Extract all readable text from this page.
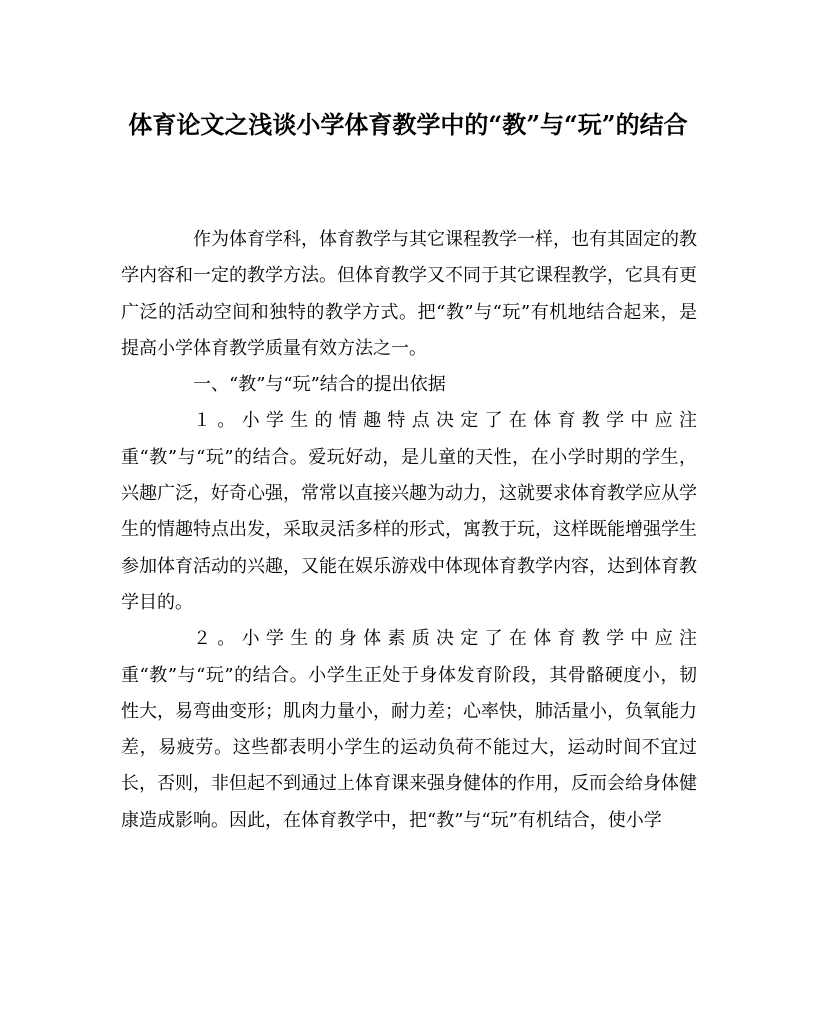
体育论文之浅谈小学体育教学中的“教”与“玩”的结合

作为体育学科，体育教学与其它课程教学一样，也有其固定的教学内容和一定的教学方法。但体育教学又不同于其它课程教学，它具有更广泛的活动空间和独特的教学方式。把“教”与“玩”有机地结合起来，是提高小学体育教学质量有效方法之一。

一、“教”与“玩”结合的提出依据

１。小学生的情趣特点决定了在体育教学中应注重“教”与“玩”的结合。爱玩好动，是儿童的天性，在小学时期的学生，兴趣广泛，好奇心强，常常以直接兴趣为动力，这就要求体育教学应从学生的情趣特点出发，采取灵活多样的形式，寓教于玩，这样既能增强学生参加体育活动的兴趣，又能在娱乐游戏中体现体育教学内容，达到体育教学目的。

２。小学生的身体素质决定了在体育教学中应注重“教”与“玩”的结合。小学生正处于身体发育阶段，其骨骼硬度小，韧性大，易弯曲变形；肌肉力量小，耐力差；心率快，肺活量小，负氧能力差，易疲劳。这些都表明小学生的运动负荷不能过大，运动时间不宜过长，否则，非但起不到通过上体育课来强身健体的作用，反而会给身体健康造成影响。因此，在体育教学中，把“教”与“玩”有机结合，使小学
